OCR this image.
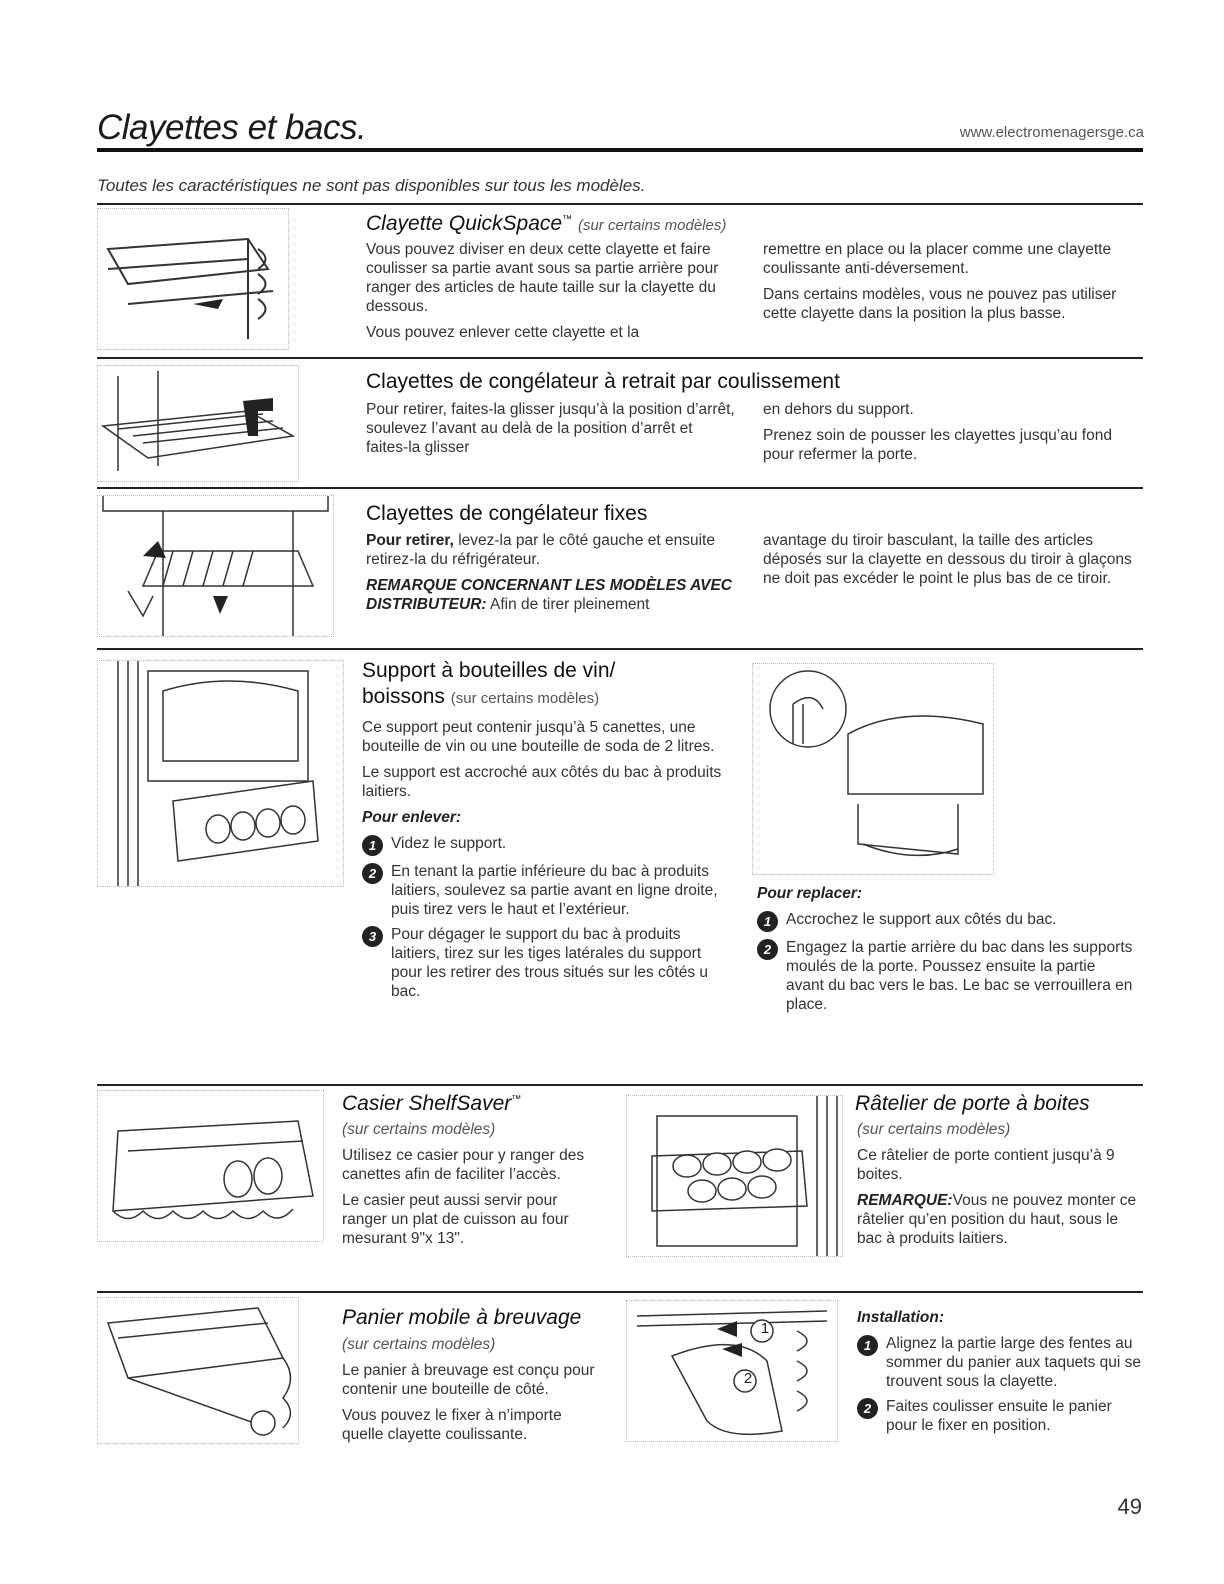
Clayettes et bacs.	www.electromenagersge.ca
Toutes les caractéristiques ne sont pas disponibles sur tous les modèles.
Clayette QuickSpace™ (sur certains modèles)

Vous pouvez diviser en deux cette clayette et faire coulisser sa partie avant sous sa partie arrière pour ranger des articles de haute taille sur la clayette du dessous.

Vous pouvez enlever cette clayette et la

remettre en place ou la placer comme une clayette coulissante anti-déversement.

Dans certains modèles, vous ne pouvez pas utiliser cette clayette dans la position la plus basse.

Clayettes de congélateur à retrait par coulissement

Pour retirer, faites-la glisser jusqu’à la position d’arrêt, soulevez l’avant au delà de la position d’arrêt et faites-la glisser

en dehors du support.

Prenez soin de pousser les clayettes jusqu’au fond pour refermer la porte.

Clayettes de congélateur fixes

Pour retirer, levez-la par le côté gauche et ensuite retirez-la du réfrigérateur.

REMARQUE CONCERNANT LES MODÈLES AVEC DISTRIBUTEUR: Afin de tirer pleinement

avantage du tiroir basculant, la taille des articles déposés sur la clayette en dessous du tiroir à glaçons ne doit pas excéder le point le plus bas de ce tiroir.

Support à bouteilles de vin/
boissons (sur certains modèles)

Ce support peut contenir jusqu’à 5 canettes, une bouteille de vin ou une bouteille de soda de 2 litres.

Le support est accroché aux côtés du bac à produits laitiers.

Pour enlever:

1 Videz le support.
2 En tenant la partie inférieure du bac à produits laitiers, soulevez sa partie avant en ligne droite, puis tirez vers le haut et l’extérieur.
3 Pour dégager le support du bac à produits laitiers, tirez sur les tiges latérales du support pour les retirer des trous situés sur les côtés u bac.

Pour replacer:

1 Accrochez le support aux côtés du bac.
2 Engagez la partie arrière du bac dans les supports moulés de la porte. Poussez ensuite la partie avant du bac vers le bas. Le bac se verrouillera en place.
Casier ShelfSaver™

(sur certains modèles)

Utilisez ce casier pour y ranger des canettes afin de faciliter l’accès.

Le casier peut aussi servir pour ranger un plat de cuisson au four mesurant 9"x 13".

Râtelier de porte à boites

(sur certains modèles)

Ce râtelier de porte contient jusqu’à 9 boites.

REMARQUE:Vous ne pouvez monter ce râtelier qu’en position du haut, sous le bac à produits laitiers.

Panier mobile à breuvage

(sur certains modèles)

Le panier à breuvage est conçu pour contenir une bouteille de côté.

Vous pouvez le fixer à n’importe quelle clayette coulissante.

1
2

Installation:

1 Alignez la partie large des fentes au sommer du panier aux taquets qui se trouvent sous la clayette.
2 Faites coulisser ensuite le panier pour le fixer en position.
49
